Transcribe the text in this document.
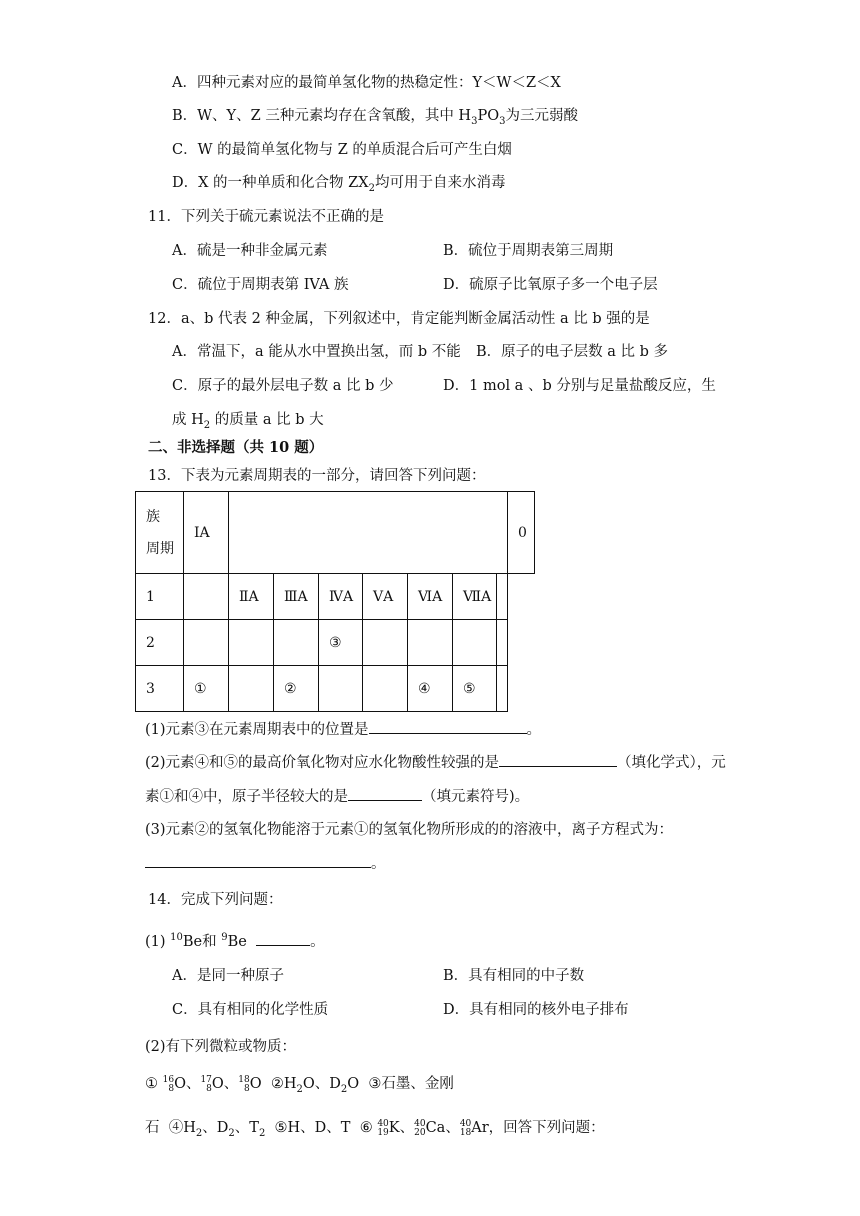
A．四种元素对应的最简单氢化物的热稳定性：Y＜W＜Z＜X
B．W、Y、Z 三种元素均存在含氧酸，其中 $H_3PO_3$为三元弱酸
C．W 的最简单氢化物与 Z 的单质混合后可产生白烟
D．X 的一种单质和化合物 $ZX_2$均可用于自来水消毒
11．下列关于硫元素说法不正确的是
A．硫是一种非金属元素	B．硫位于周期表第三周期
C．硫位于周期表第 IVA 族	D．硫原子比氧原子多一个电子层
12．a、b 代表 2 种金属，下列叙述中，肯定能判断金属活动性 a 比 b 强的是
A．常温下，a 能从水中置换出氢，而 b 不能 B．原子的电子层数 a 比 b 多
C．原子的最外层电子数 a 比 b 少	D．1 mol a 、b 分别与足量盐酸反应，生
成 $H_2$ 的质量 a 比 b 大
二、非选择题（共 10 题）
13．下表为元素周期表的一部分，请回答下列问题：
族
周期	ⅠA								0
1		ⅡA	ⅢA	ⅣA	ⅤA	ⅥA	ⅦA		
2				③					
3	①		②			④	⑤		
(1)元素③在元素周期表中的位置是	。
(2)元素④和⑤的最高价氧化物对应水化物酸性较强的是	（填化学式），元
素①和④中，原子半径较大的是	（填元素符号)。
(3)元素②的氢氧化物能溶于元素①的氢氧化物所形成的的溶液中，离子方程式为：
。
14．完成下列问题：
(1) $^{10}$Be和 $^9$Be	。
A．是同一种原子	B．具有相同的中子数
C．具有相同的化学性质	D．具有相同的核外电子排布
(2)有下列微粒或物质：
① 16
8O、17
8O、18
8O $②H_2O$、$D_2O$ ③石墨、金刚
石 $④H_2$、$D_2$、$T_2$ ⑤H、D、T ⑥ 40
19K、40
20Ca、40
18Ar，回答下列问题：
